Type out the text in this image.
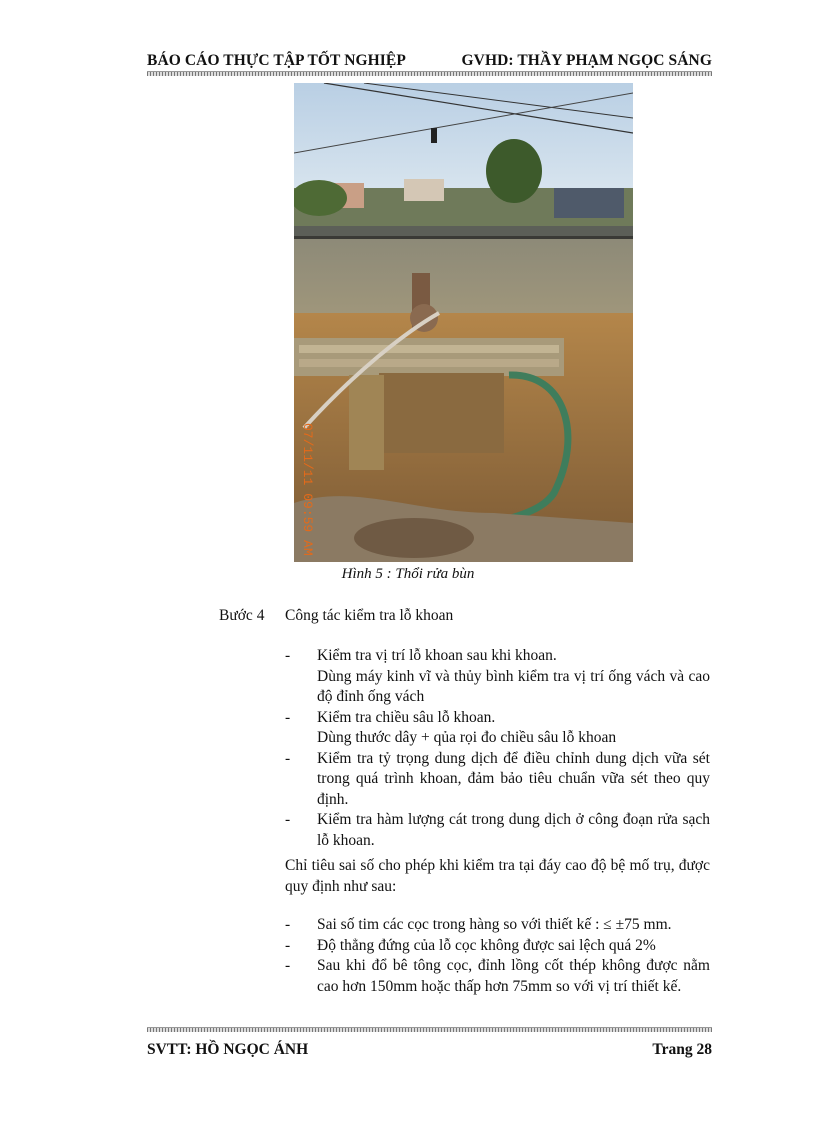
BÁO CÁO THỰC TẬP TỐT NGHIỆP	GVHD: THẦY PHẠM NGỌC SÁNG
07/11/11 09:59 AM
Hình 5 : Thổi rửa bùn
Bước 4 Công tác kiểm tra lỗ khoan
- Kiểm tra vị trí lỗ khoan sau khi khoan.
Dùng máy kinh vĩ và thủy bình kiểm tra vị trí ống vách và cao độ đỉnh ống vách
- Kiểm tra chiều sâu lỗ khoan.
Dùng thước dây + qủa rọi đo chiều sâu lỗ khoan
- Kiểm tra tỷ trọng dung dịch để điều chỉnh dung dịch vữa sét trong quá trình khoan, đảm bảo tiêu chuẩn vữa sét theo quy định.
- Kiểm tra hàm lượng cát trong dung dịch ở công đoạn rửa sạch lỗ khoan.
Chỉ tiêu sai số cho phép khi kiểm tra tại đáy cao độ bệ mố trụ, được quy định như sau:
- Sai số tim các cọc trong hàng so với thiết kế : ≤ ±75 mm.
- Độ thẳng đứng của lỗ cọc không được sai lệch quá 2%
- Sau khi đổ bê tông cọc, đỉnh lồng cốt thép không được nằm cao hơn 150mm hoặc thấp hơn 75mm so với vị trí thiết kế.
SVTT: HỒ NGỌC ÁNH	Trang 28
